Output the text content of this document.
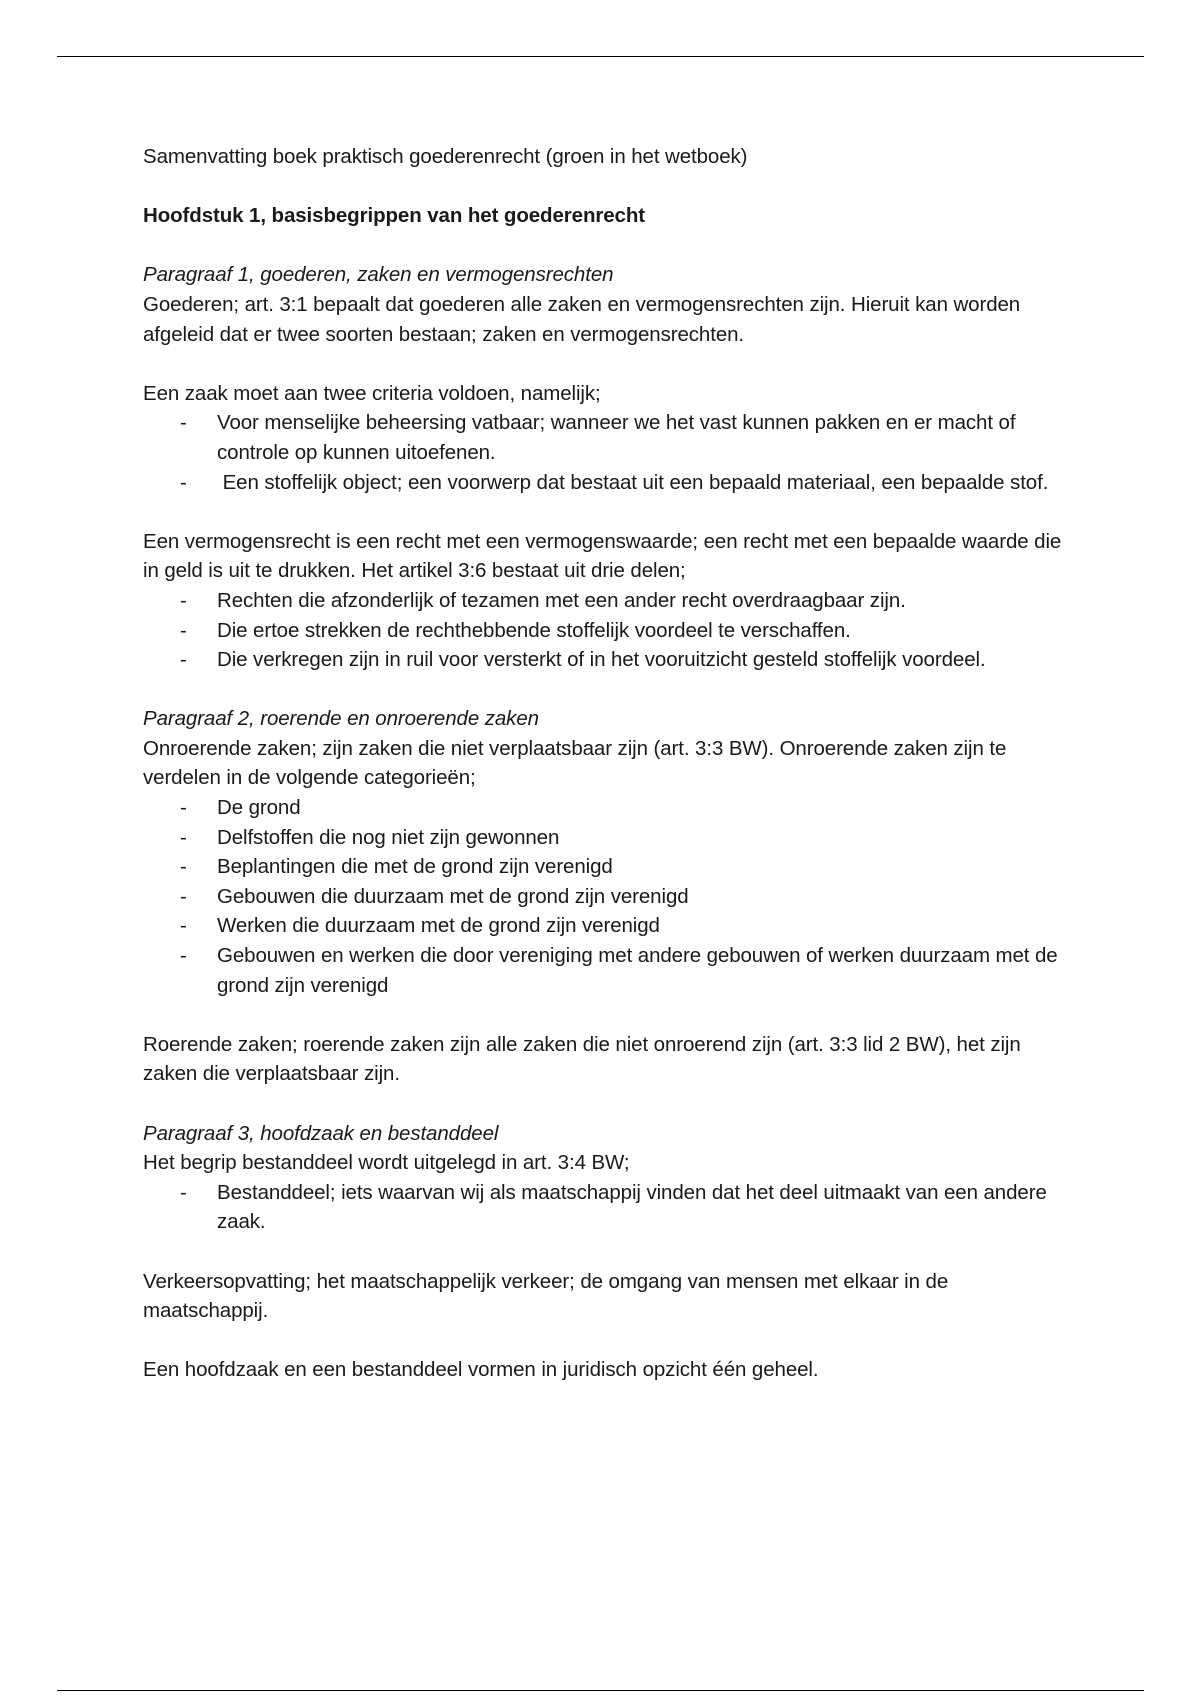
Samenvatting boek praktisch goederenrecht (groen in het wetboek)

Hoofdstuk 1, basisbegrippen van het goederenrecht

Paragraaf 1, goederen, zaken en vermogensrechten

Goederen; art. 3:1 bepaalt dat goederen alle zaken en vermogensrechten zijn. Hieruit kan worden afgeleid dat er twee soorten bestaan; zaken en vermogensrechten.

Een zaak moet aan twee criteria voldoen, namelijk;

- Voor menselijke beheersing vatbaar; wanneer we het vast kunnen pakken en er macht of controle op kunnen uitoefenen.
- Een stoffelijk object; een voorwerp dat bestaat uit een bepaald materiaal, een bepaalde stof.

Een vermogensrecht is een recht met een vermogenswaarde; een recht met een bepaalde waarde die in geld is uit te drukken. Het artikel 3:6 bestaat uit drie delen;

- Rechten die afzonderlijk of tezamen met een ander recht overdraagbaar zijn.
- Die ertoe strekken de rechthebbende stoffelijk voordeel te verschaffen.
- Die verkregen zijn in ruil voor versterkt of in het vooruitzicht gesteld stoffelijk voordeel.

Paragraaf 2, roerende en onroerende zaken

Onroerende zaken; zijn zaken die niet verplaatsbaar zijn (art. 3:3 BW). Onroerende zaken zijn te verdelen in de volgende categorieën;

- De grond
- Delfstoffen die nog niet zijn gewonnen
- Beplantingen die met de grond zijn verenigd
- Gebouwen die duurzaam met de grond zijn verenigd
- Werken die duurzaam met de grond zijn verenigd
- Gebouwen en werken die door vereniging met andere gebouwen of werken duurzaam met de grond zijn verenigd

Roerende zaken; roerende zaken zijn alle zaken die niet onroerend zijn (art. 3:3 lid 2 BW), het zijn zaken die verplaatsbaar zijn.

Paragraaf 3, hoofdzaak en bestanddeel

Het begrip bestanddeel wordt uitgelegd in art. 3:4 BW;

- Bestanddeel; iets waarvan wij als maatschappij vinden dat het deel uitmaakt van een andere zaak.

Verkeersopvatting; het maatschappelijk verkeer; de omgang van mensen met elkaar in de maatschappij.

Een hoofdzaak en een bestanddeel vormen in juridisch opzicht één geheel.
